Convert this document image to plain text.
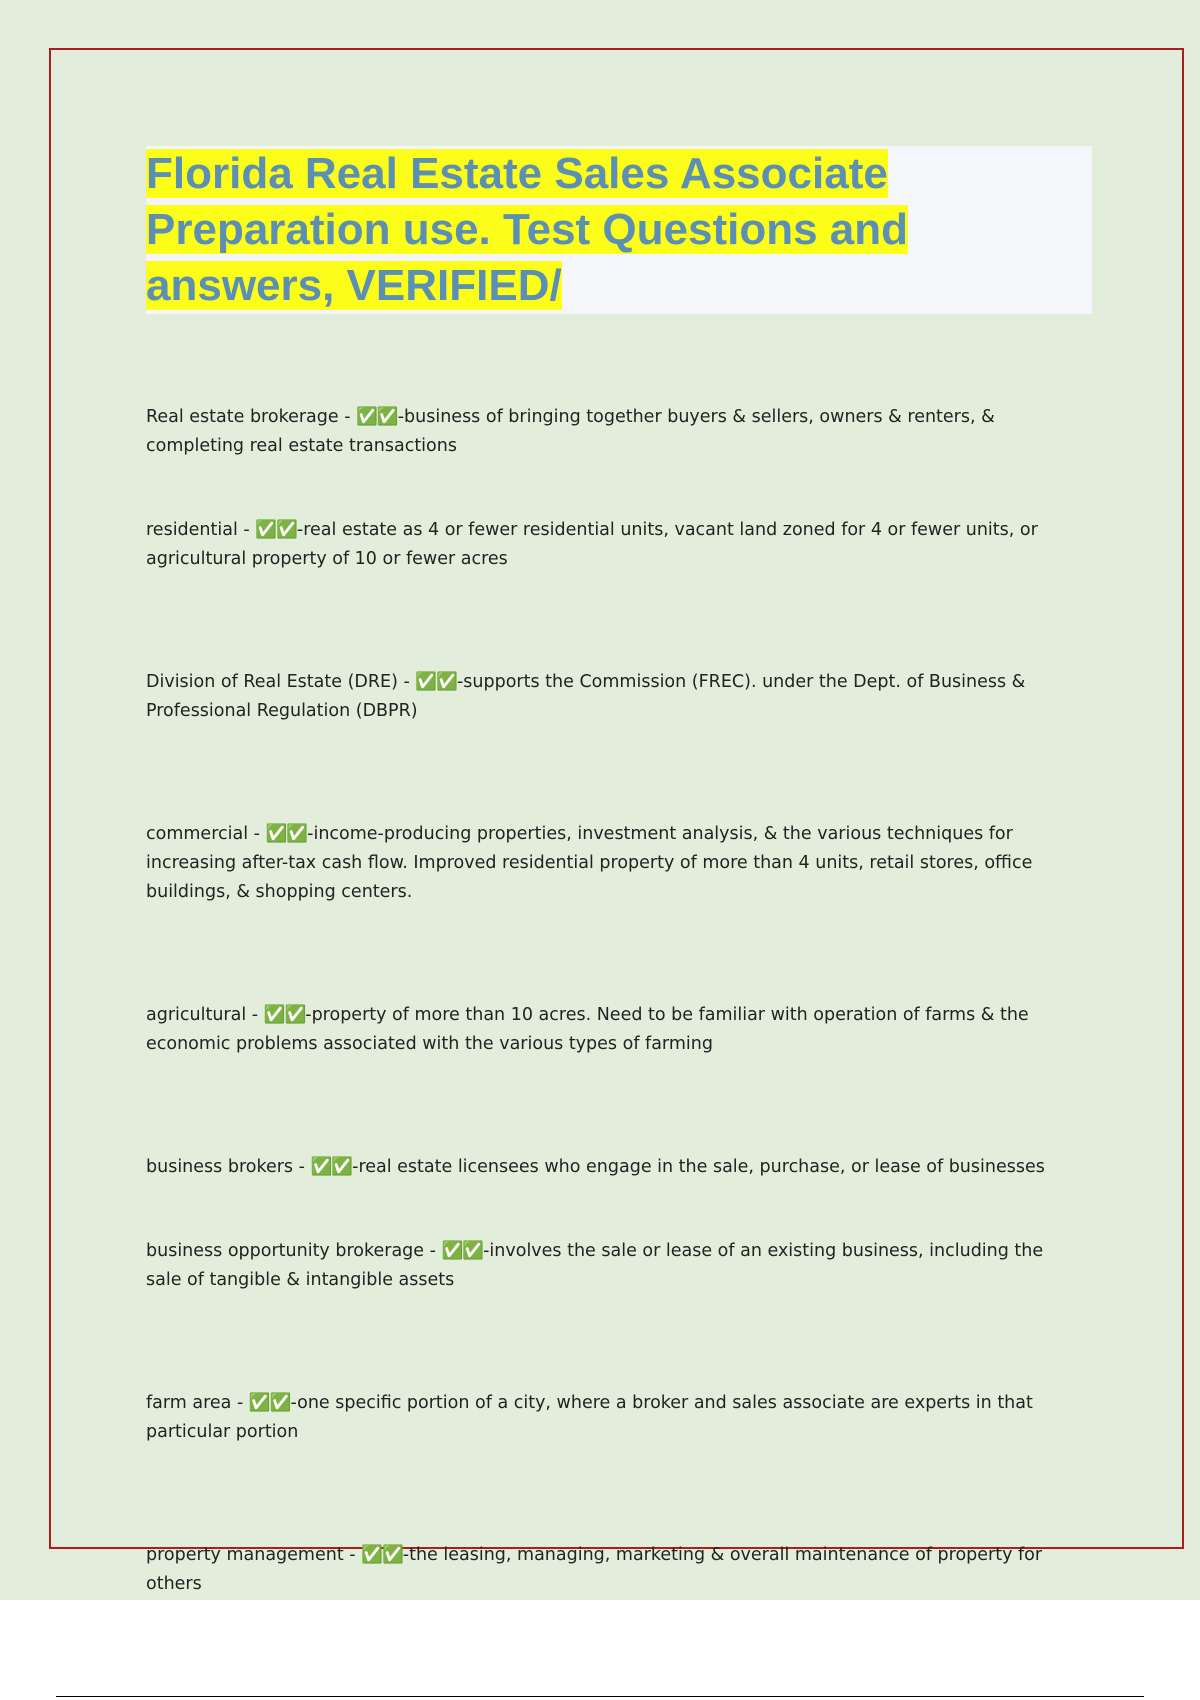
Florida Real Estate Sales Associate
Preparation use. Test Questions and
answers, VERIFIED/
Real estate brokerage - ✅✅-business of bringing together buyers & sellers, owners & renters, & completing real estate transactions
residential - ✅✅-real estate as 4 or fewer residential units, vacant land zoned for 4 or fewer units, or agricultural property of 10 or fewer acres
Division of Real Estate (DRE) - ✅✅-supports the Commission (FREC). under the Dept. of Business & Professional Regulation (DBPR)
commercial - ✅✅-income-producing properties, investment analysis, & the various techniques for increasing after-tax cash flow. Improved residential property of more than 4 units, retail stores, office buildings, & shopping centers.
agricultural - ✅✅-property of more than 10 acres. Need to be familiar with operation of farms & the economic problems associated with the various types of farming
business brokers - ✅✅-real estate licensees who engage in the sale, purchase, or lease of businesses
business opportunity brokerage - ✅✅-involves the sale or lease of an existing business, including the sale of tangible & intangible assets
farm area - ✅✅-one specific portion of a city, where a broker and sales associate are experts in that particular portion
property management - ✅✅-the leasing, managing, marketing & overall maintenance of property for others
